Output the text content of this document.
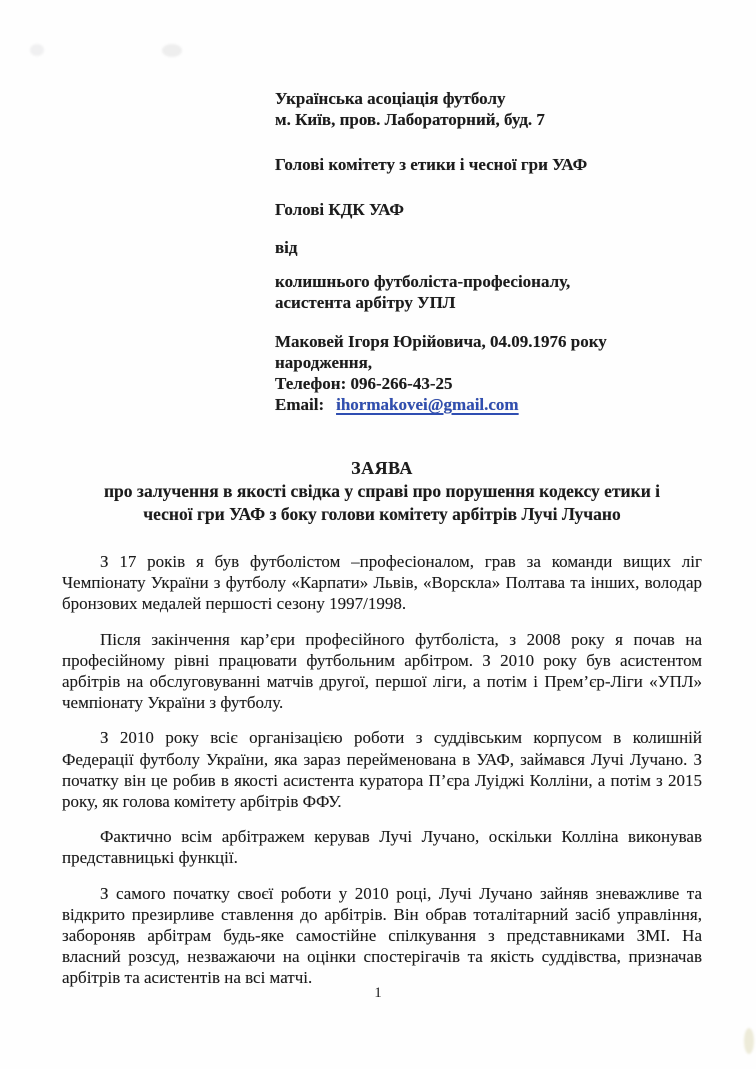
Українська асоціація футболу

м. Київ, пров. Лабораторний, буд. 7

Голові комітету з етики і чесної гри УАФ

Голові КДК УАФ

від

колишнього футболіста-професіоналу,

асистента арбітру УПЛ

Маковей Ігоря Юрійовича, 04.09.1976 року

народження,

Телефон: 096-266-43-25

Email: ihormakovei@gmail.com

ЗАЯВА

про залучення в якості свідка у справі про порушення кодексу етики і

чесної гри УАФ з боку голови комітету арбітрів Лучі Лучано

З 17 років я був футболістом –професіоналом, грав за команди вищих ліг Чемпіонату України з футболу «Карпати» Львів, «Ворскла» Полтава та інших, володар бронзових медалей першості сезону 1997/1998.

Після закінчення кар’єри професійного футболіста, з 2008 року я почав на професійному рівні працювати футбольним арбітром. З 2010 року був асистентом арбітрів на обслуговуванні матчів другої, першої ліги, а потім і Прем’єр-Ліги «УПЛ» чемпіонату України з футболу.

З 2010 року всіє організацією роботи з суддівським корпусом в колишній Федерації футболу України, яка зараз перейменована в УАФ, займався Лучі Лучано. З початку він це робив в якості асистента куратора П’єра Луіджі Колліни, а потім з 2015 року, як голова комітету арбітрів ФФУ.

Фактично всім арбітражем керував Лучі Лучано, оскільки Колліна виконував представницькі функції.

З самого початку своєї роботи у 2010 році, Лучі Лучано зайняв зневажливе та відкрито презирливе ставлення до арбітрів. Він обрав тоталітарний засіб управління, забороняв арбітрам будь-яке самостійне спілкування з представниками ЗМІ. На власний розсуд, незважаючи на оцінки спостерігачів та якість суддівства, призначав арбітрів та асистентів на всі матчі.

1
